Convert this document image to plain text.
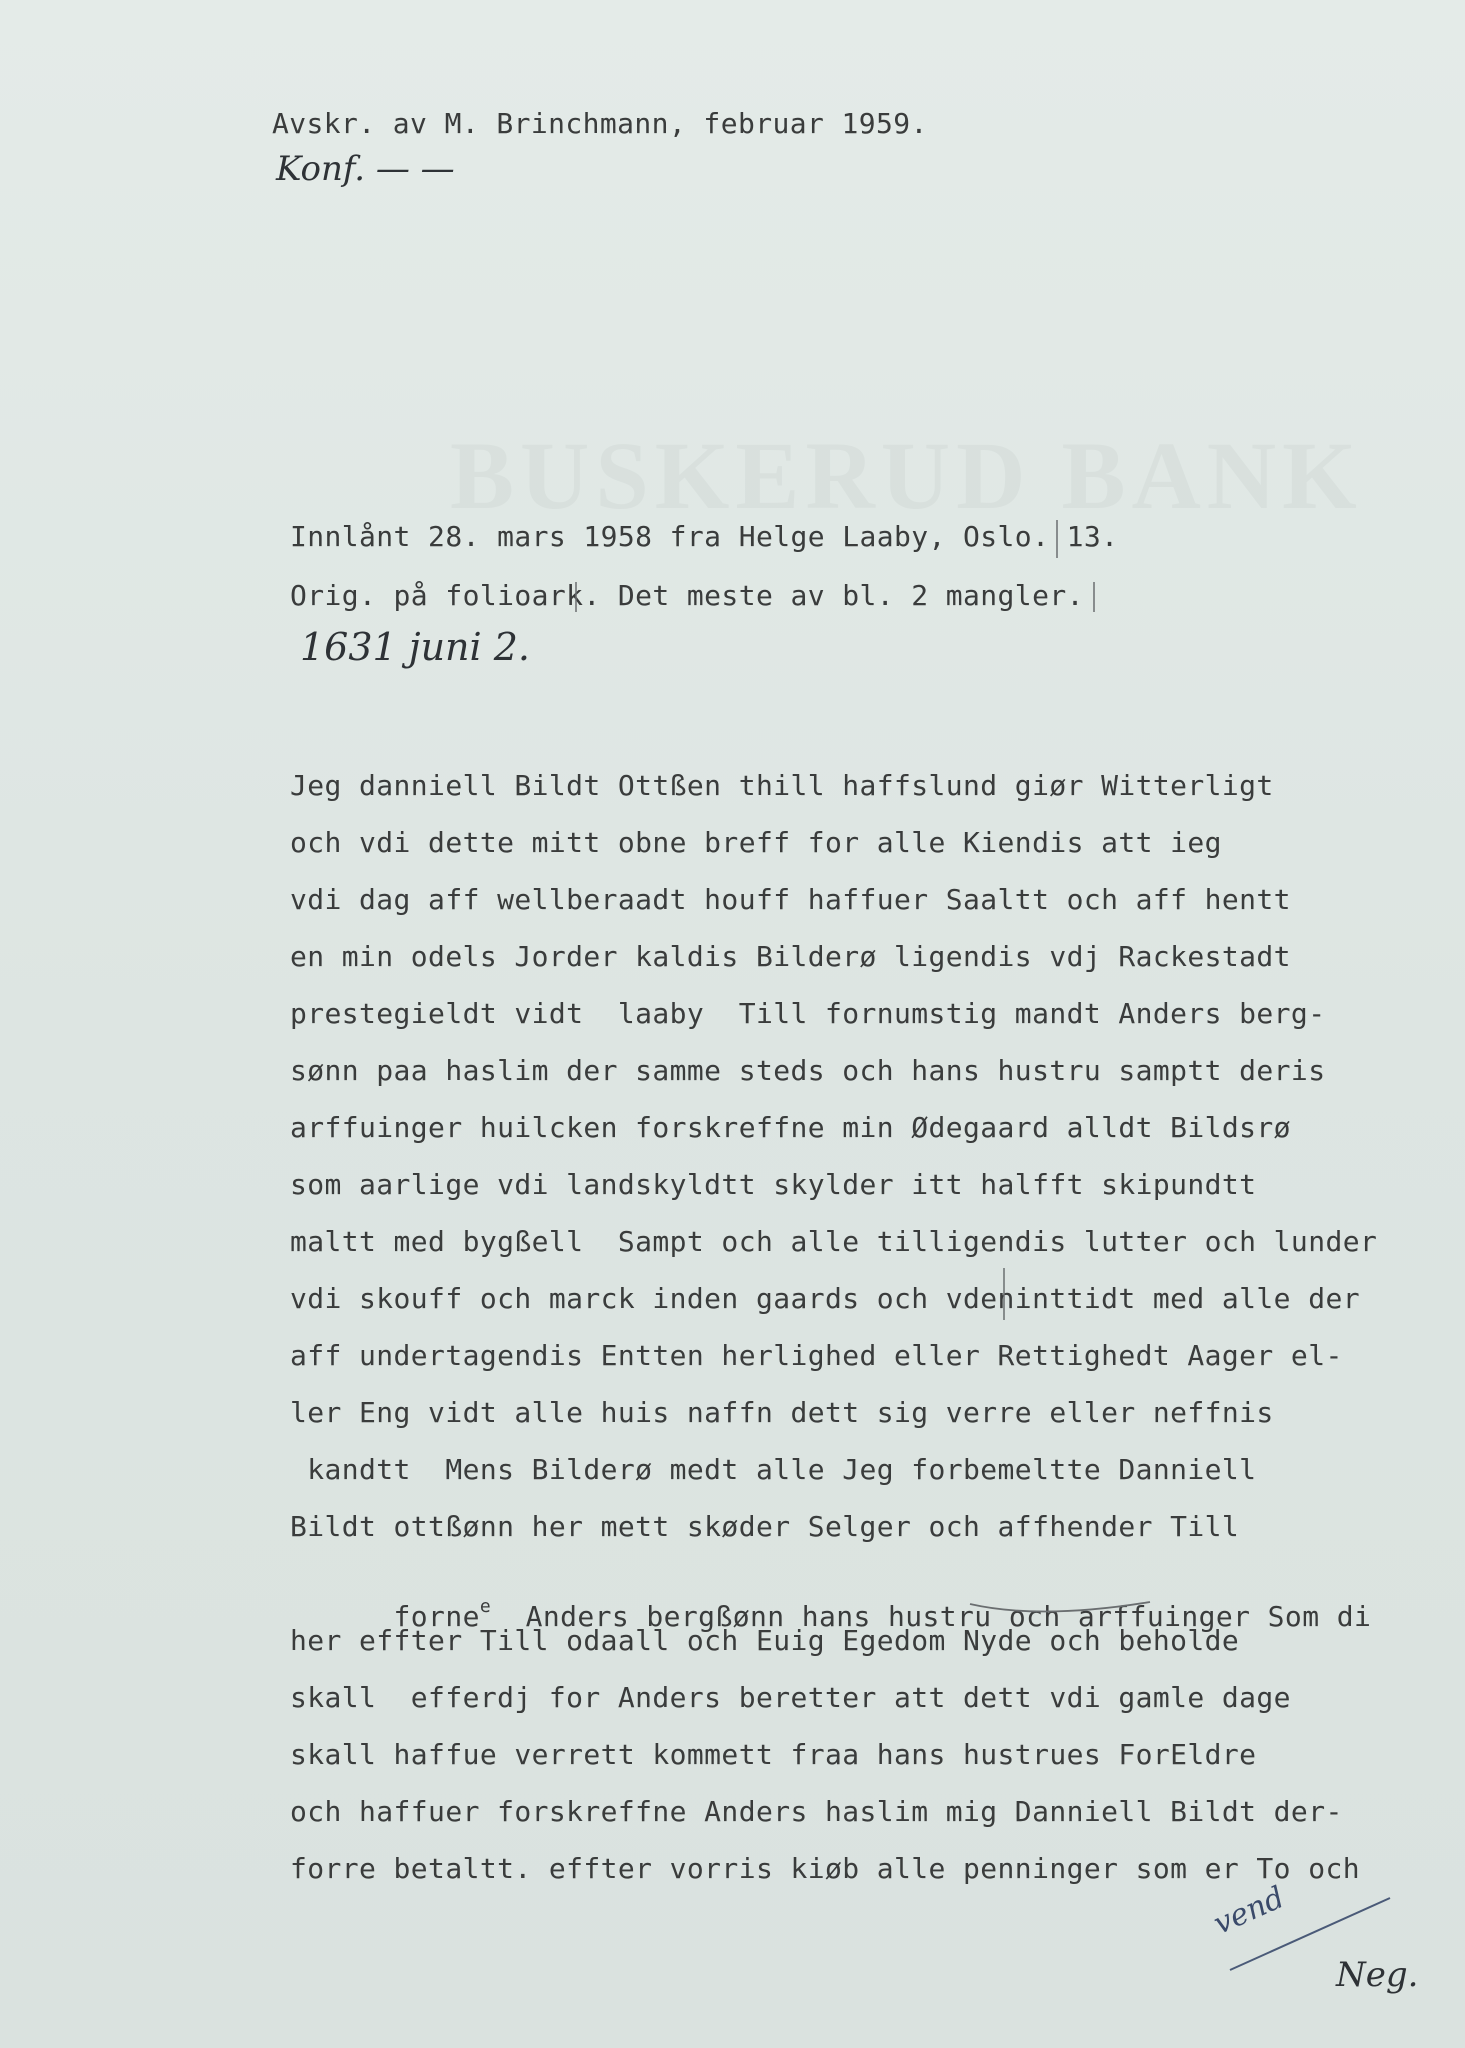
BUSKERUD BANK
Avskr. av M. Brinchmann, februar 1959.
Konf. — —
Innlånt 28. mars 1958 fra Helge Laaby, Oslo. 13.
Orig. på folioark. Det meste av bl. 2 mangler.
1631 juni 2.
Jeg danniell Bildt Ottßen thill haffslund giør Witterligt
och vdi dette mitt obne breff for alle Kiendis att ieg
vdi dag aff wellberaadt houff haffuer Saaltt och aff hentt
en min odels Jorder kaldis Bilderø ligendis vdj Rackestadt
prestegieldt vidt  laaby  Till fornumstig mandt Anders berg-
sønn paa haslim der samme steds och hans hustru samptt deris
arffuinger huilcken forskreffne min Ødegaard alldt Bildsrø
som aarlige vdi landskyldtt skylder itt halfft skipundtt
maltt med bygßell  Sampt och alle tilligendis lutter och lunder
vdi skouff och marck inden gaards och vdeninttidt med alle der
aff undertagendis Entten herlighed eller Rettighedt Aager el-
ler Eng vidt alle huis naffn dett sig verre eller neffnis
kandtt  Mens Bilderø medt alle Jeg forbemeltte Danniell
Bildt ottßønn her mett skøder Selger och affhender Till

forne$^e$  Anders bergßønn hans hustru och arffuinger Som di

her effter Till odaall och Euig Egedom Nyde och beholde
skall  efferdj for Anders beretter att dett vdi gamle dage
skall haffue verrett kommett fraa hans hustrues ForEldre
och haffuer forskreffne Anders haslim mig Danniell Bildt der-
forre betaltt. effter vorris kiøb alle penninger som er To och
vend
Neg.
